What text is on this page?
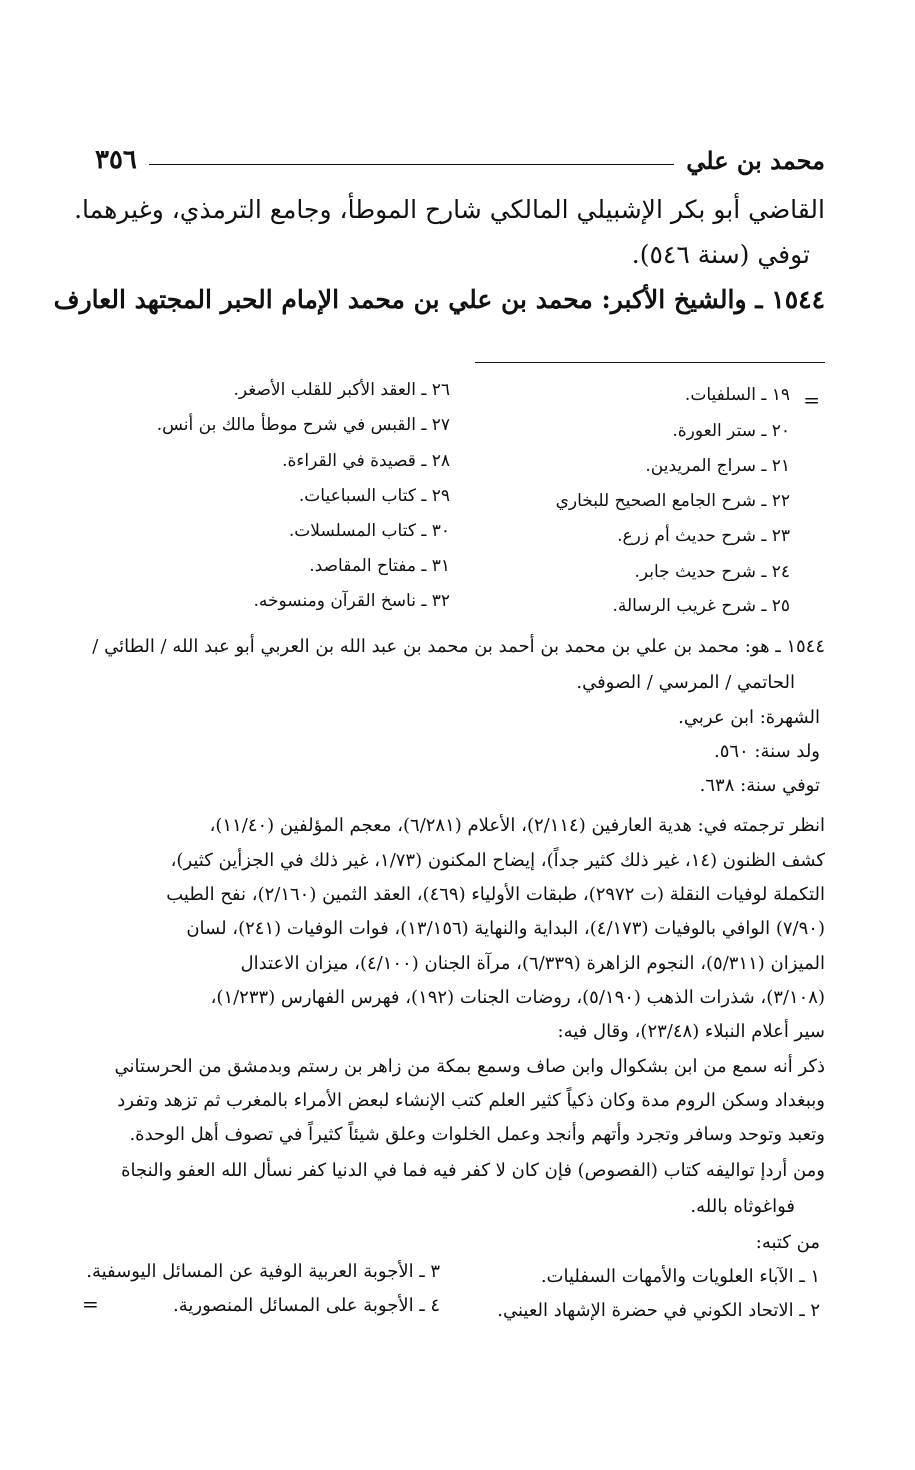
محمد بن علي
٣٥٦
القاضي أبو بكر الإشبيلي المالكي شارح الموطأ، وجامع الترمذي، وغيرهما.
توفي (سنة ٥٤٦).
١٥٤٤ ـ والشيخ الأكبر: محمد بن علي بن محمد الإمام الحبر المجتهد العارف
=
١٩ ـ السلفيات.
٢٠ ـ ستر العورة.
٢١ ـ سراج المريدين.
٢٢ ـ شرح الجامع الصحيح للبخاري
٢٣ ـ شرح حديث أم زرع.
٢٤ ـ شرح حديث جابر.
٢٥ ـ شرح غريب الرسالة.
٢٦ ـ العقد الأكبر للقلب الأصغر.
٢٧ ـ القبس في شرح موطأ مالك بن أنس.
٢٨ ـ قصيدة في القراءة.
٢٩ ـ كتاب السباعيات.
٣٠ ـ كتاب المسلسلات.
٣١ ـ مفتاح المقاصد.
٣٢ ـ ناسخ القرآن ومنسوخه.
١٥٤٤ ـ هو: محمد بن علي بن محمد بن أحمد بن محمد بن عبد الله بن العربي أبو عبد الله / الطائي /
الحاتمي / المرسي / الصوفي.
الشهرة: ابن عربي.
ولد سنة: ٥٦٠.
توفي سنة: ٦٣٨.
انظر ترجمته في: هدية العارفين (٢/١١٤)، الأعلام (٦/٢٨١)، معجم المؤلفين (١١/٤٠)،
كشف الظنون (١٤، غير ذلك كثير جداً)، إيضاح المكنون (١/٧٣، غير ذلك في الجزأين كثير)،
التكملة لوفيات النقلة (ت ٢٩٧٢)، طبقات الأولياء (٤٦٩)، العقد الثمين (٢/١٦٠)، نفح الطيب
(٧/٩٠) الوافي بالوفيات (٤/١٧٣)، البداية والنهاية (١٣/١٥٦)، فوات الوفيات (٢٤١)، لسان
الميزان (٥/٣١١)، النجوم الزاهرة (٦/٣٣٩)، مرآة الجنان (٤/١٠٠)، ميزان الاعتدال
(٣/١٠٨)، شذرات الذهب (٥/١٩٠)، روضات الجنات (١٩٢)، فهرس الفهارس (١/٢٣٣)،
سير أعلام النبلاء (٢٣/٤٨)، وقال فيه:
ذكر أنه سمع من ابن بشكوال وابن صاف وسمع بمكة من زاهر بن رستم وبدمشق من الحرستاني
وببغداد وسكن الروم مدة وكان ذكياً كثير العلم كتب الإنشاء لبعض الأمراء بالمغرب ثم تزهد وتفرد
وتعبد وتوحد وسافر وتجرد وأتهم وأنجد وعمل الخلوات وعلق شيئاً كثيراً في تصوف أهل الوحدة.
ومن أردإ تواليفه كتاب (الفصوص) فإن كان لا كفر فيه فما في الدنيا كفر نسأل الله العفو والنجاة
فواغوثاه بالله.
من كتبه:
١ ـ الآباء العلويات والأمهات السفليات.
٢ ـ الاتحاد الكوني في حضرة الإشهاد العيني.
٣ ـ الأجوبة العربية الوفية عن المسائل اليوسفية.
٤ ـ الأجوبة على المسائل المنصورية.
=
